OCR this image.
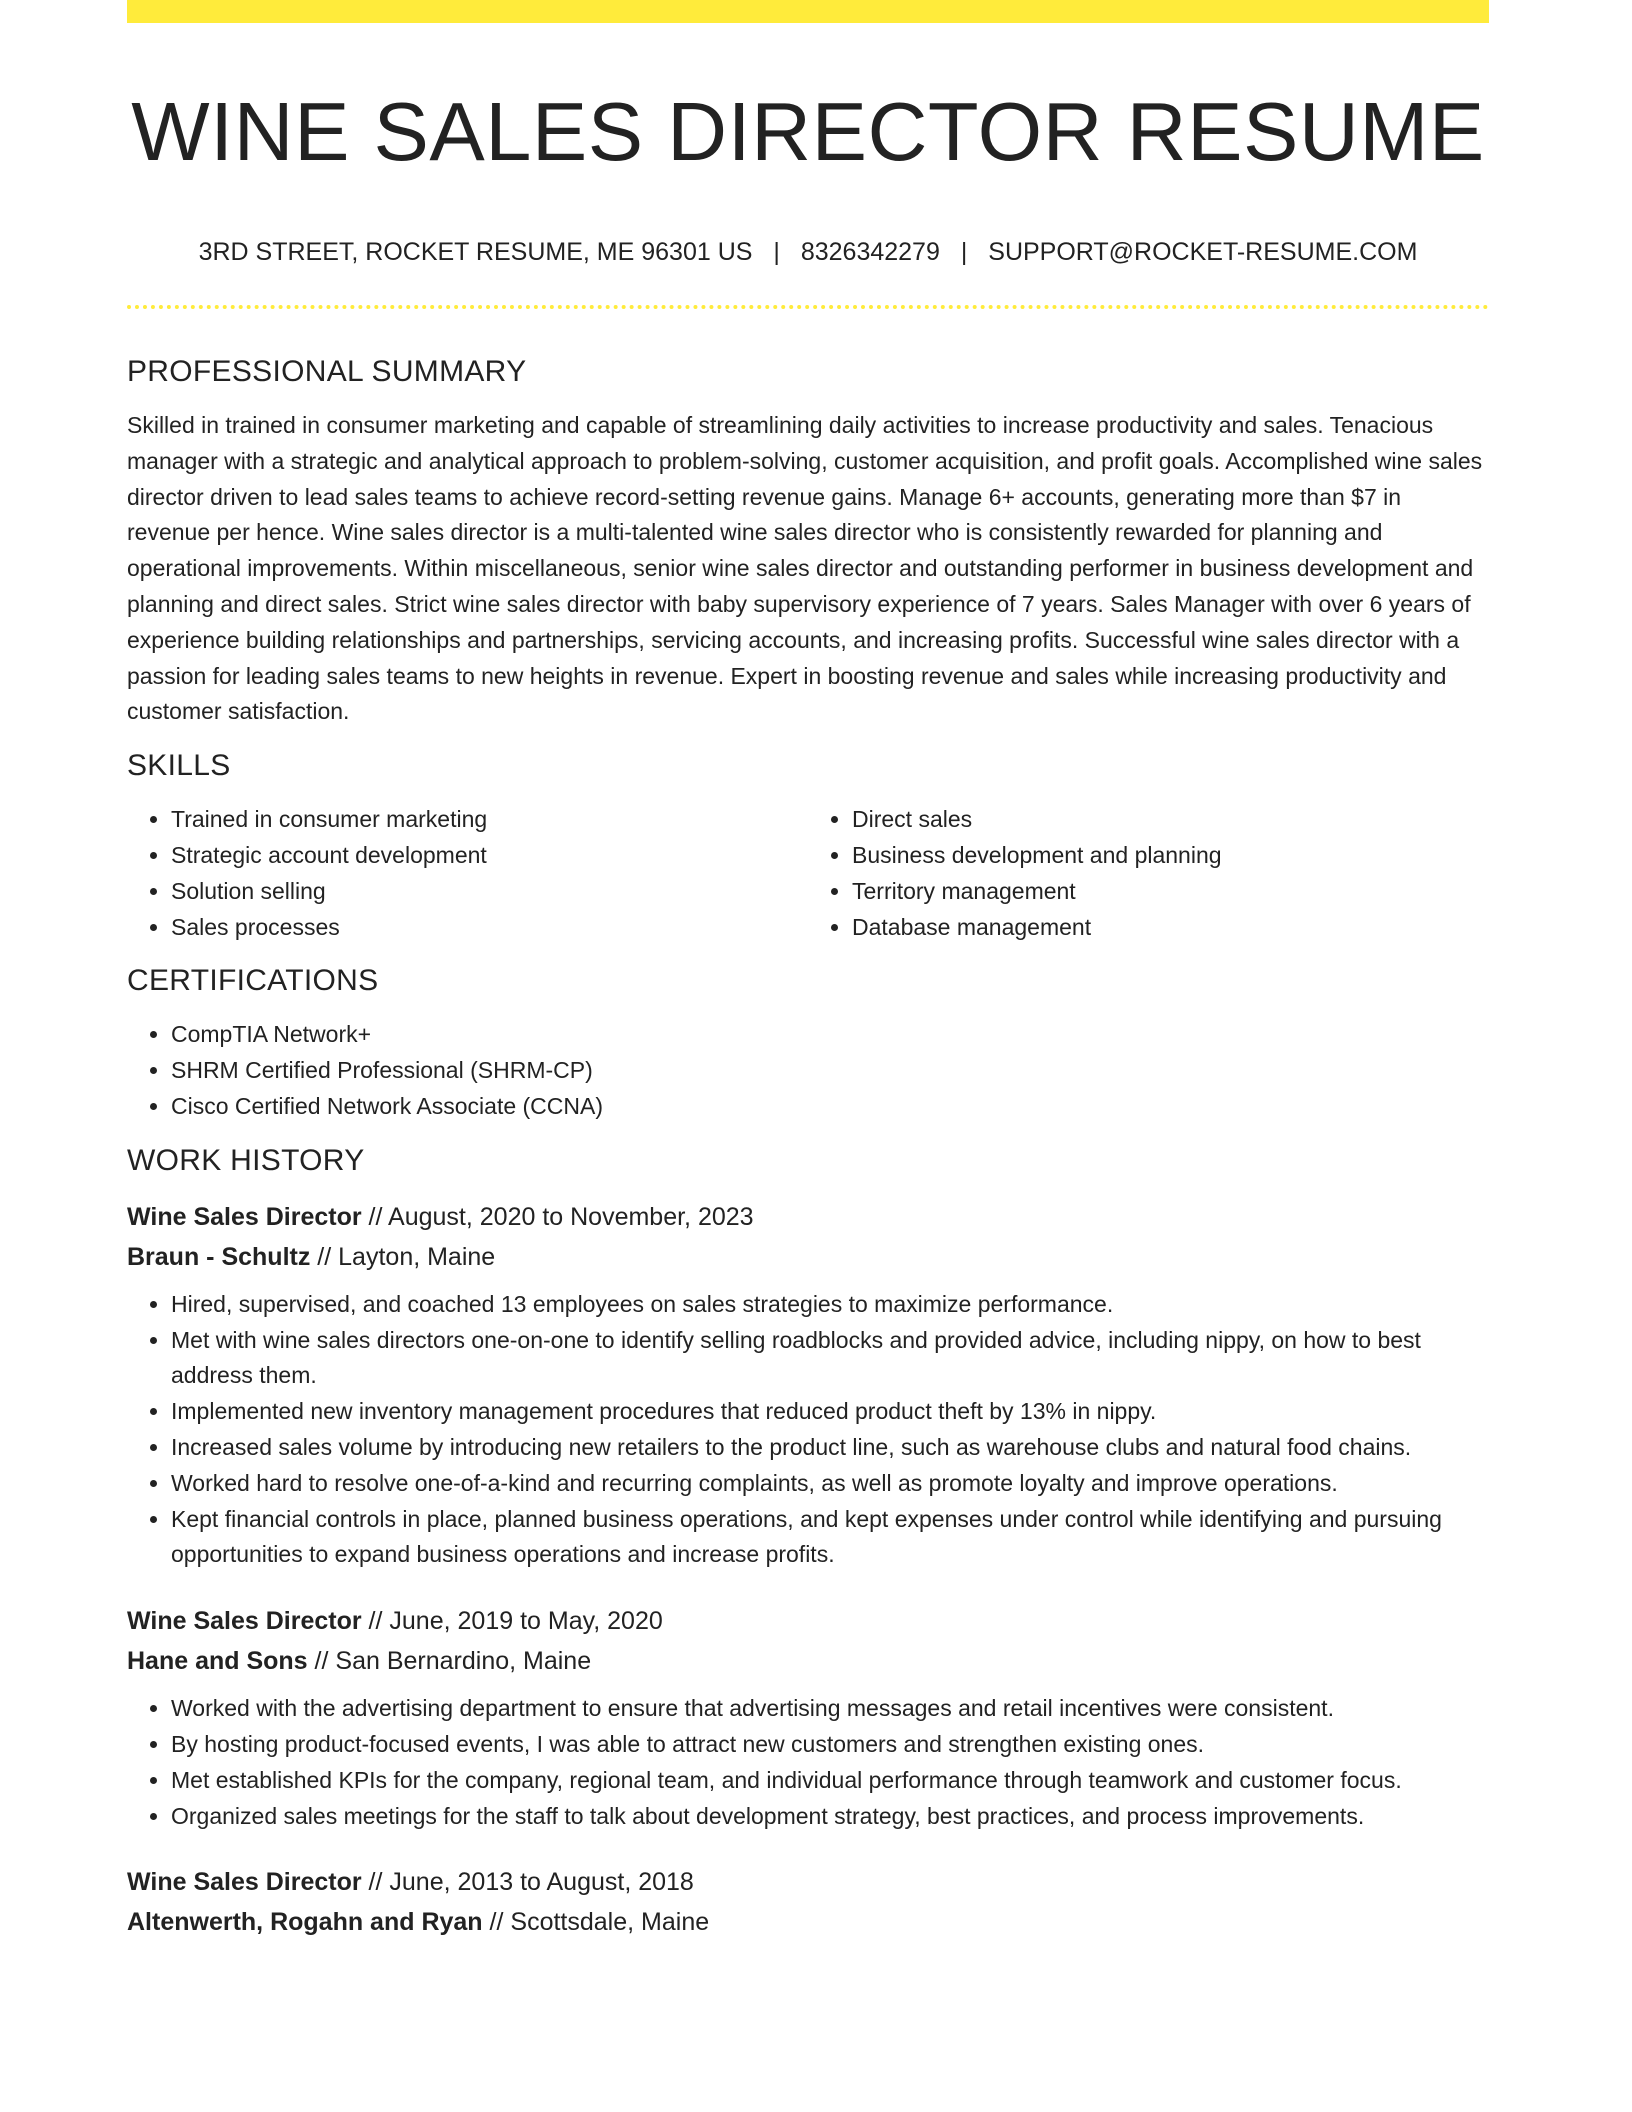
WINE SALES DIRECTOR RESUME
3RD STREET, ROCKET RESUME, ME 96301 US | 8326342279 | SUPPORT@ROCKET-RESUME.COM
PROFESSIONAL SUMMARY

Skilled in trained in consumer marketing and capable of streamlining daily activities to increase productivity and sales. Tenacious manager with a strategic and analytical approach to problem-solving, customer acquisition, and profit goals. Accomplished wine sales director driven to lead sales teams to achieve record-setting revenue gains. Manage 6+ accounts, generating more than $7 in revenue per hence. Wine sales director is a multi-talented wine sales director who is consistently rewarded for planning and operational improvements. Within miscellaneous, senior wine sales director and outstanding performer in business development and planning and direct sales. Strict wine sales director with baby supervisory experience of 7 years. Sales Manager with over 6 years of experience building relationships and partnerships, servicing accounts, and increasing profits. Successful wine sales director with a passion for leading sales teams to new heights in revenue. Expert in boosting revenue and sales while increasing productivity and customer satisfaction.

SKILLS
• Trained in consumer marketing
• Strategic account development
• Solution selling
• Sales processes
• Direct sales
• Business development and planning
• Territory management
• Database management
CERTIFICATIONS
• CompTIA Network+
• SHRM Certified Professional (SHRM-CP)
• Cisco Certified Network Associate (CCNA)
WORK HISTORY

Wine Sales Director // August, 2020 to November, 2023

Braun - Schultz // Layton, Maine

• Hired, supervised, and coached 13 employees on sales strategies to maximize performance.
• Met with wine sales directors one-on-one to identify selling roadblocks and provided advice, including nippy, on how to best address them.
• Implemented new inventory management procedures that reduced product theft by 13% in nippy.
• Increased sales volume by introducing new retailers to the product line, such as warehouse clubs and natural food chains.
• Worked hard to resolve one-of-a-kind and recurring complaints, as well as promote loyalty and improve operations.
• Kept financial controls in place, planned business operations, and kept expenses under control while identifying and pursuing opportunities to expand business operations and increase profits.

Wine Sales Director // June, 2019 to May, 2020

Hane and Sons // San Bernardino, Maine

• Worked with the advertising department to ensure that advertising messages and retail incentives were consistent.
• By hosting product-focused events, I was able to attract new customers and strengthen existing ones.
• Met established KPIs for the company, regional team, and individual performance through teamwork and customer focus.
• Organized sales meetings for the staff to talk about development strategy, best practices, and process improvements.

Wine Sales Director // June, 2013 to August, 2018

Altenwerth, Rogahn and Ryan // Scottsdale, Maine
